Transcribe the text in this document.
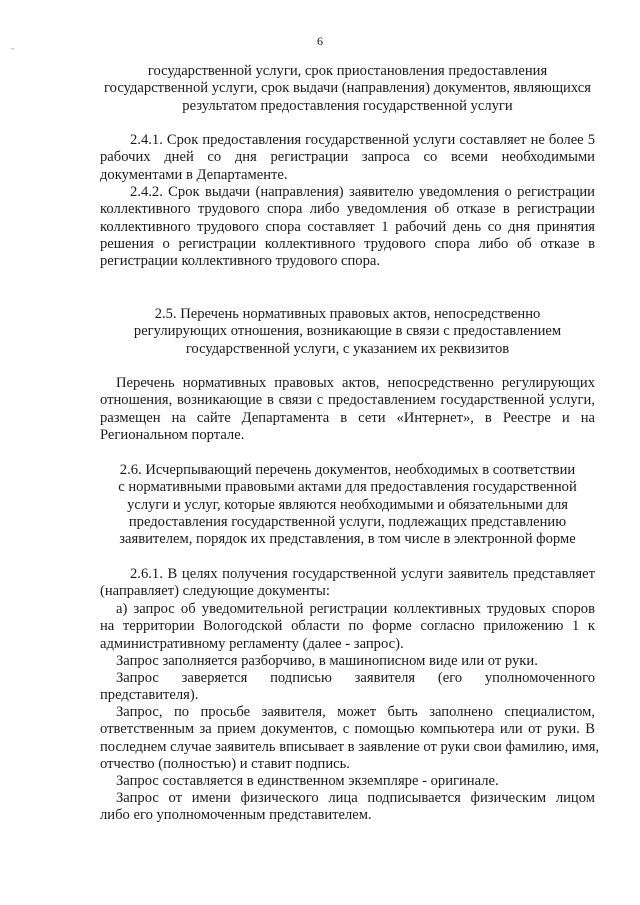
6
-
государственной услуги, срок приостановления предоставления
государственной услуги, срок выдачи (направления) документов, являющихся
результатом предоставления государственной услуги
2.4.1. Срок предоставления государственной услуги составляет не более 5
рабочих дней со дня регистрации запроса со всеми необходимыми
документами в Департаменте.
2.4.2. Срок выдачи (направления) заявителю уведомления о регистрации
коллективного трудового спора либо уведомления об отказе в регистрации
коллективного трудового спора составляет 1 рабочий день со дня принятия
решения о регистрации коллективного трудового спора либо об отказе в
регистрации коллективного трудового спора.
2.5. Перечень нормативных правовых актов, непосредственно
регулирующих отношения, возникающие в связи с предоставлением
государственной услуги, с указанием их реквизитов
Перечень нормативных правовых актов, непосредственно регулирующих
отношения, возникающие в связи с предоставлением государственной услуги,
размещен на сайте Департамента в сети «Интернет», в Реестре и на
Региональном портале.
2.6. Исчерпывающий перечень документов, необходимых в соответствии
с нормативными правовыми актами для предоставления государственной
услуги и услуг, которые являются необходимыми и обязательными для
предоставления государственной услуги, подлежащих представлению
заявителем, порядок их представления, в том числе в электронной форме
2.6.1. В целях получения государственной услуги заявитель представляет
(направляет) следующие документы:
а) запрос об уведомительной регистрации коллективных трудовых споров
на территории Вологодской области по форме согласно приложению 1 к
административному регламенту (далее - запрос).
Запрос заполняется разборчиво, в машинописном виде или от руки.
Запрос заверяется подписью заявителя (его уполномоченного
представителя).
Запрос, по просьбе заявителя, может быть заполнено специалистом,
ответственным за прием документов, с помощью компьютера или от руки. В
последнем случае заявитель вписывает в заявление от руки свои фамилию, имя,
отчество (полностью) и ставит подпись.
Запрос составляется в единственном экземпляре - оригинале.
Запрос от имени физического лица подписывается физическим лицом
либо его уполномоченным представителем.
